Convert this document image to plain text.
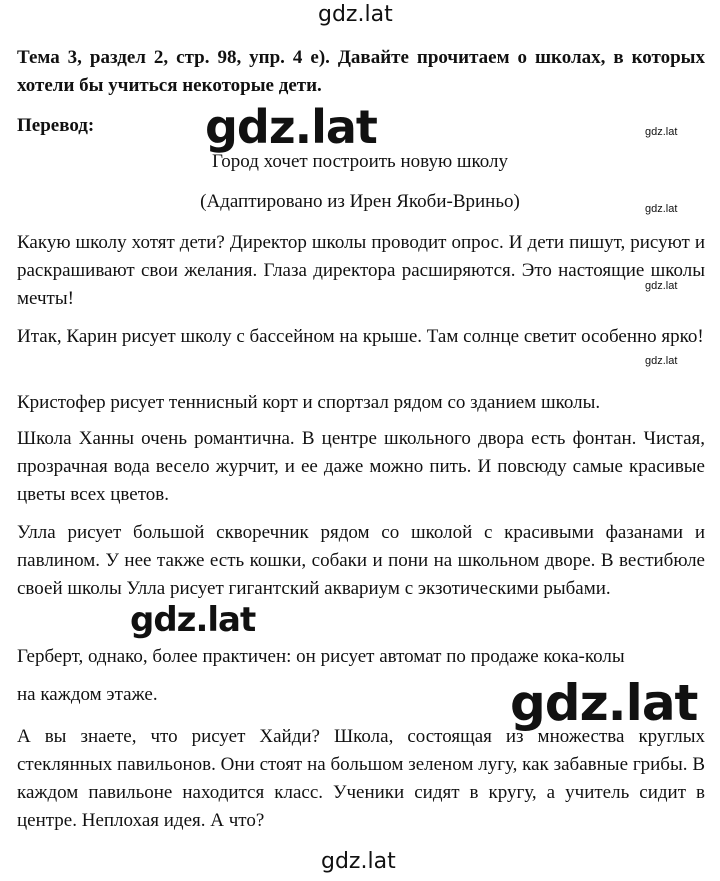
gdz.lat
Тема 3, раздел 2, стр. 98, упр. 4 е). Давайте прочитаем о школах, в которых хотели бы учиться некоторые дети.
Перевод: gdz.lat	gdz.lat
Город хочет построить новую школу
(Адаптировано из Ирен Якоби-Вриньо)	gdz.lat

Какую школу хотят дети? Директор школы проводит опрос. И дети пишут, рисуют и раскрашивают свои желания. Глаза директора расширяются. Это настоящие школы мечты!

gdz.lat

Итак, Карин рисует школу с бассейном на крыше. Там солнце светит особенно ярко!

gdz.lat

Кристофер рисует теннисный корт и спортзал рядом со зданием школы.

Школа Ханны очень романтична. В центре школьного двора есть фонтан. Чистая, прозрачная вода весело журчит, и ее даже можно пить. И повсюду самые красивые цветы всех цветов.

Улла рисует большой скворечник рядом со школой с красивыми фазанами и павлином. У нее также есть кошки, собаки и пони на школьном дворе. В вестибюле своей школы Улла рисует гигантский аквариум с экзотическими рыбами.

gdz.lat

Герберт, однако, более практичен: он рисует автомат по продаже кока-колы

на каждом этаже.	gdz.lat

А вы знаете, что рисует Хайди? Школа, состоящая из множества круглых стеклянных павильонов. Они стоят на большом зеленом лугу, как забавные грибы. В каждом павильоне находится класс. Ученики сидят в кругу, а учитель сидит в центре. Неплохая идея. А что?

gdz.lat
